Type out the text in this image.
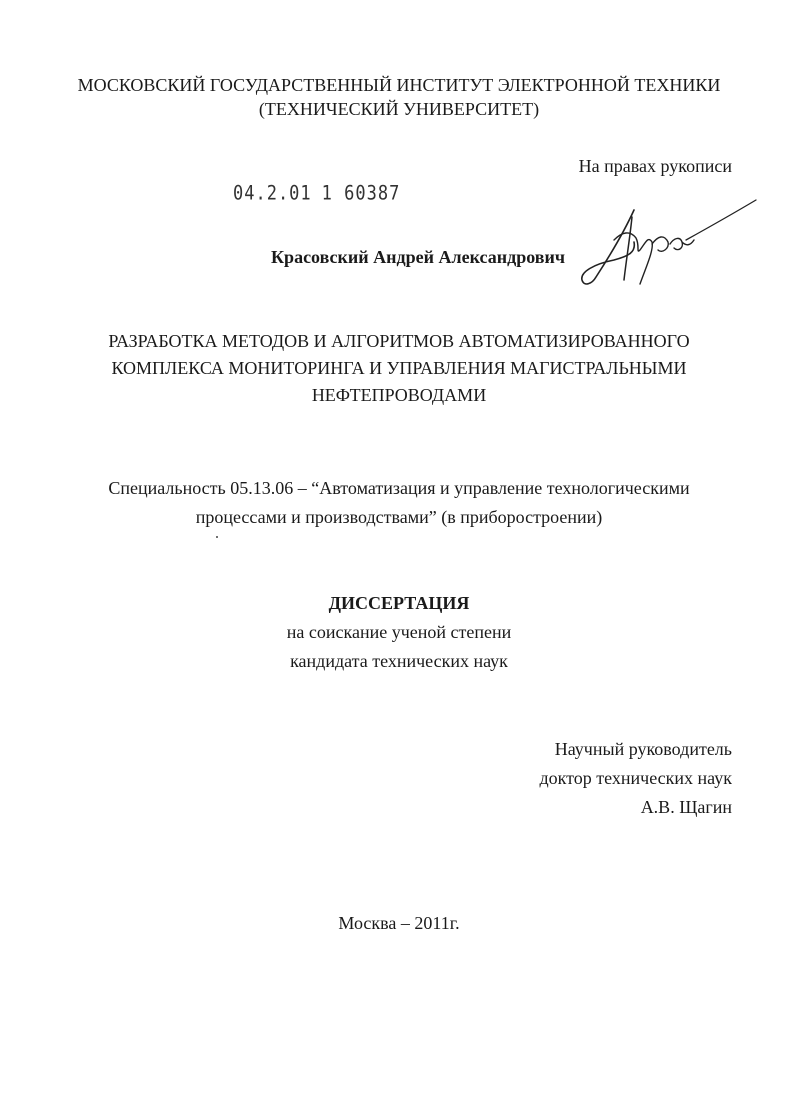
МОСКОВСКИЙ ГОСУДАРСТВЕННЫЙ ИНСТИТУТ ЭЛЕКТРОННОЙ ТЕХНИКИ
(ТЕХНИЧЕСКИЙ УНИВЕРСИТЕТ)
На правах рукописи
04.2.01 1 60387
Красовский Андрей Александрович
РАЗРАБОТКА МЕТОДОВ И АЛГОРИТМОВ АВТОМАТИЗИРОВАННОГО
КОМПЛЕКСА МОНИТОРИНГА И УПРАВЛЕНИЯ МАГИСТРАЛЬНЫМИ
НЕФТЕПРОВОДАМИ
Специальность 05.13.06 – “Автоматизация и управление технологическими
процессами и производствами” (в приборостроении)
ДИССЕРТАЦИЯ
на соискание ученой степени
кандидата технических наук
Научный руководитель
доктор технических наук
А.В. Щагин
Москва – 2011г.
